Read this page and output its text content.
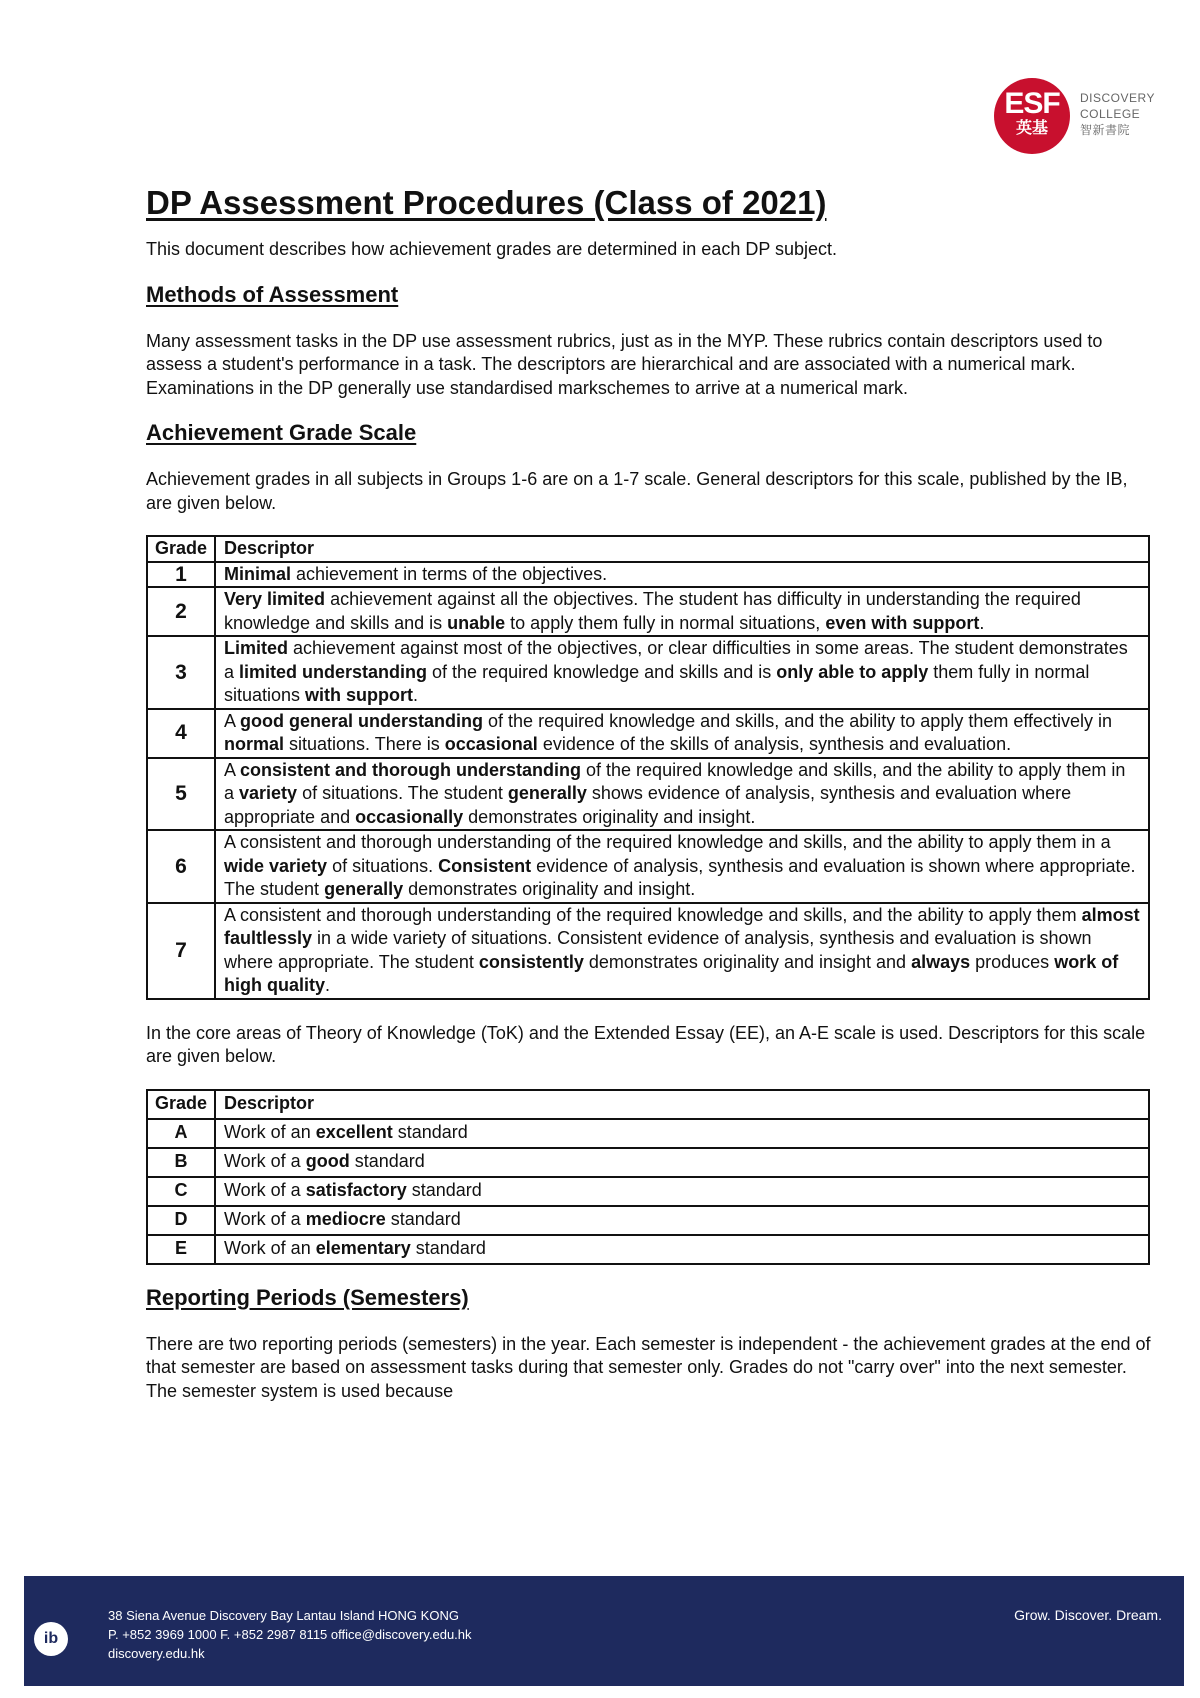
ESF
英基
DISCOVERY
COLLEGE
智新書院
DP Assessment Procedures (Class of 2021)

This document describes how achievement grades are determined in each DP subject.

Methods of Assessment

Many assessment tasks in the DP use assessment rubrics, just as in the MYP. These rubrics contain descriptors used to assess a student's performance in a task. The descriptors are hierarchical and are associated with a numerical mark. Examinations in the DP generally use standardised markschemes to arrive at a numerical mark.

Achievement Grade Scale

Achievement grades in all subjects in Groups 1-6 are on a 1-7 scale. General descriptors for this scale, published by the IB, are given below.

Grade	Descriptor
1	Minimal achievement in terms of the objectives.
2	Very limited achievement against all the objectives. The student has difficulty in understanding the required knowledge and skills and is unable to apply them fully in normal situations, even with support.
3	Limited achievement against most of the objectives, or clear difficulties in some areas. The student demonstrates a limited understanding of the required knowledge and skills and is only able to apply them fully in normal situations with support.
4	A good general understanding of the required knowledge and skills, and the ability to apply them effectively in normal situations. There is occasional evidence of the skills of analysis, synthesis and evaluation.
5	A consistent and thorough understanding of the required knowledge and skills, and the ability to apply them in a variety of situations. The student generally shows evidence of analysis, synthesis and evaluation where appropriate and occasionally demonstrates originality and insight.
6	A consistent and thorough understanding of the required knowledge and skills, and the ability to apply them in a wide variety of situations. Consistent evidence of analysis, synthesis and evaluation is shown where appropriate. The student generally demonstrates originality and insight.
7	A consistent and thorough understanding of the required knowledge and skills, and the ability to apply them almost faultlessly in a wide variety of situations. Consistent evidence of analysis, synthesis and evaluation is shown where appropriate. The student consistently demonstrates originality and insight and always produces work of high quality.

In the core areas of Theory of Knowledge (ToK) and the Extended Essay (EE), an A-E scale is used. Descriptors for this scale are given below.

Grade	Descriptor
A	Work of an excellent standard
B	Work of a good standard
C	Work of a satisfactory standard
D	Work of a mediocre standard
E	Work of an elementary standard
Reporting Periods (Semesters)

There are two reporting periods (semesters) in the year. Each semester is independent - the achievement grades at the end of that semester are based on assessment tasks during that semester only. Grades do not "carry over" into the next semester. The semester system is used because

ib
38 Siena Avenue Discovery Bay Lantau Island HONG KONG
P. +852 3969 1000 F. +852 2987 8115 office@discovery.edu.hk
discovery.edu.hk
Grow. Discover. Dream.
